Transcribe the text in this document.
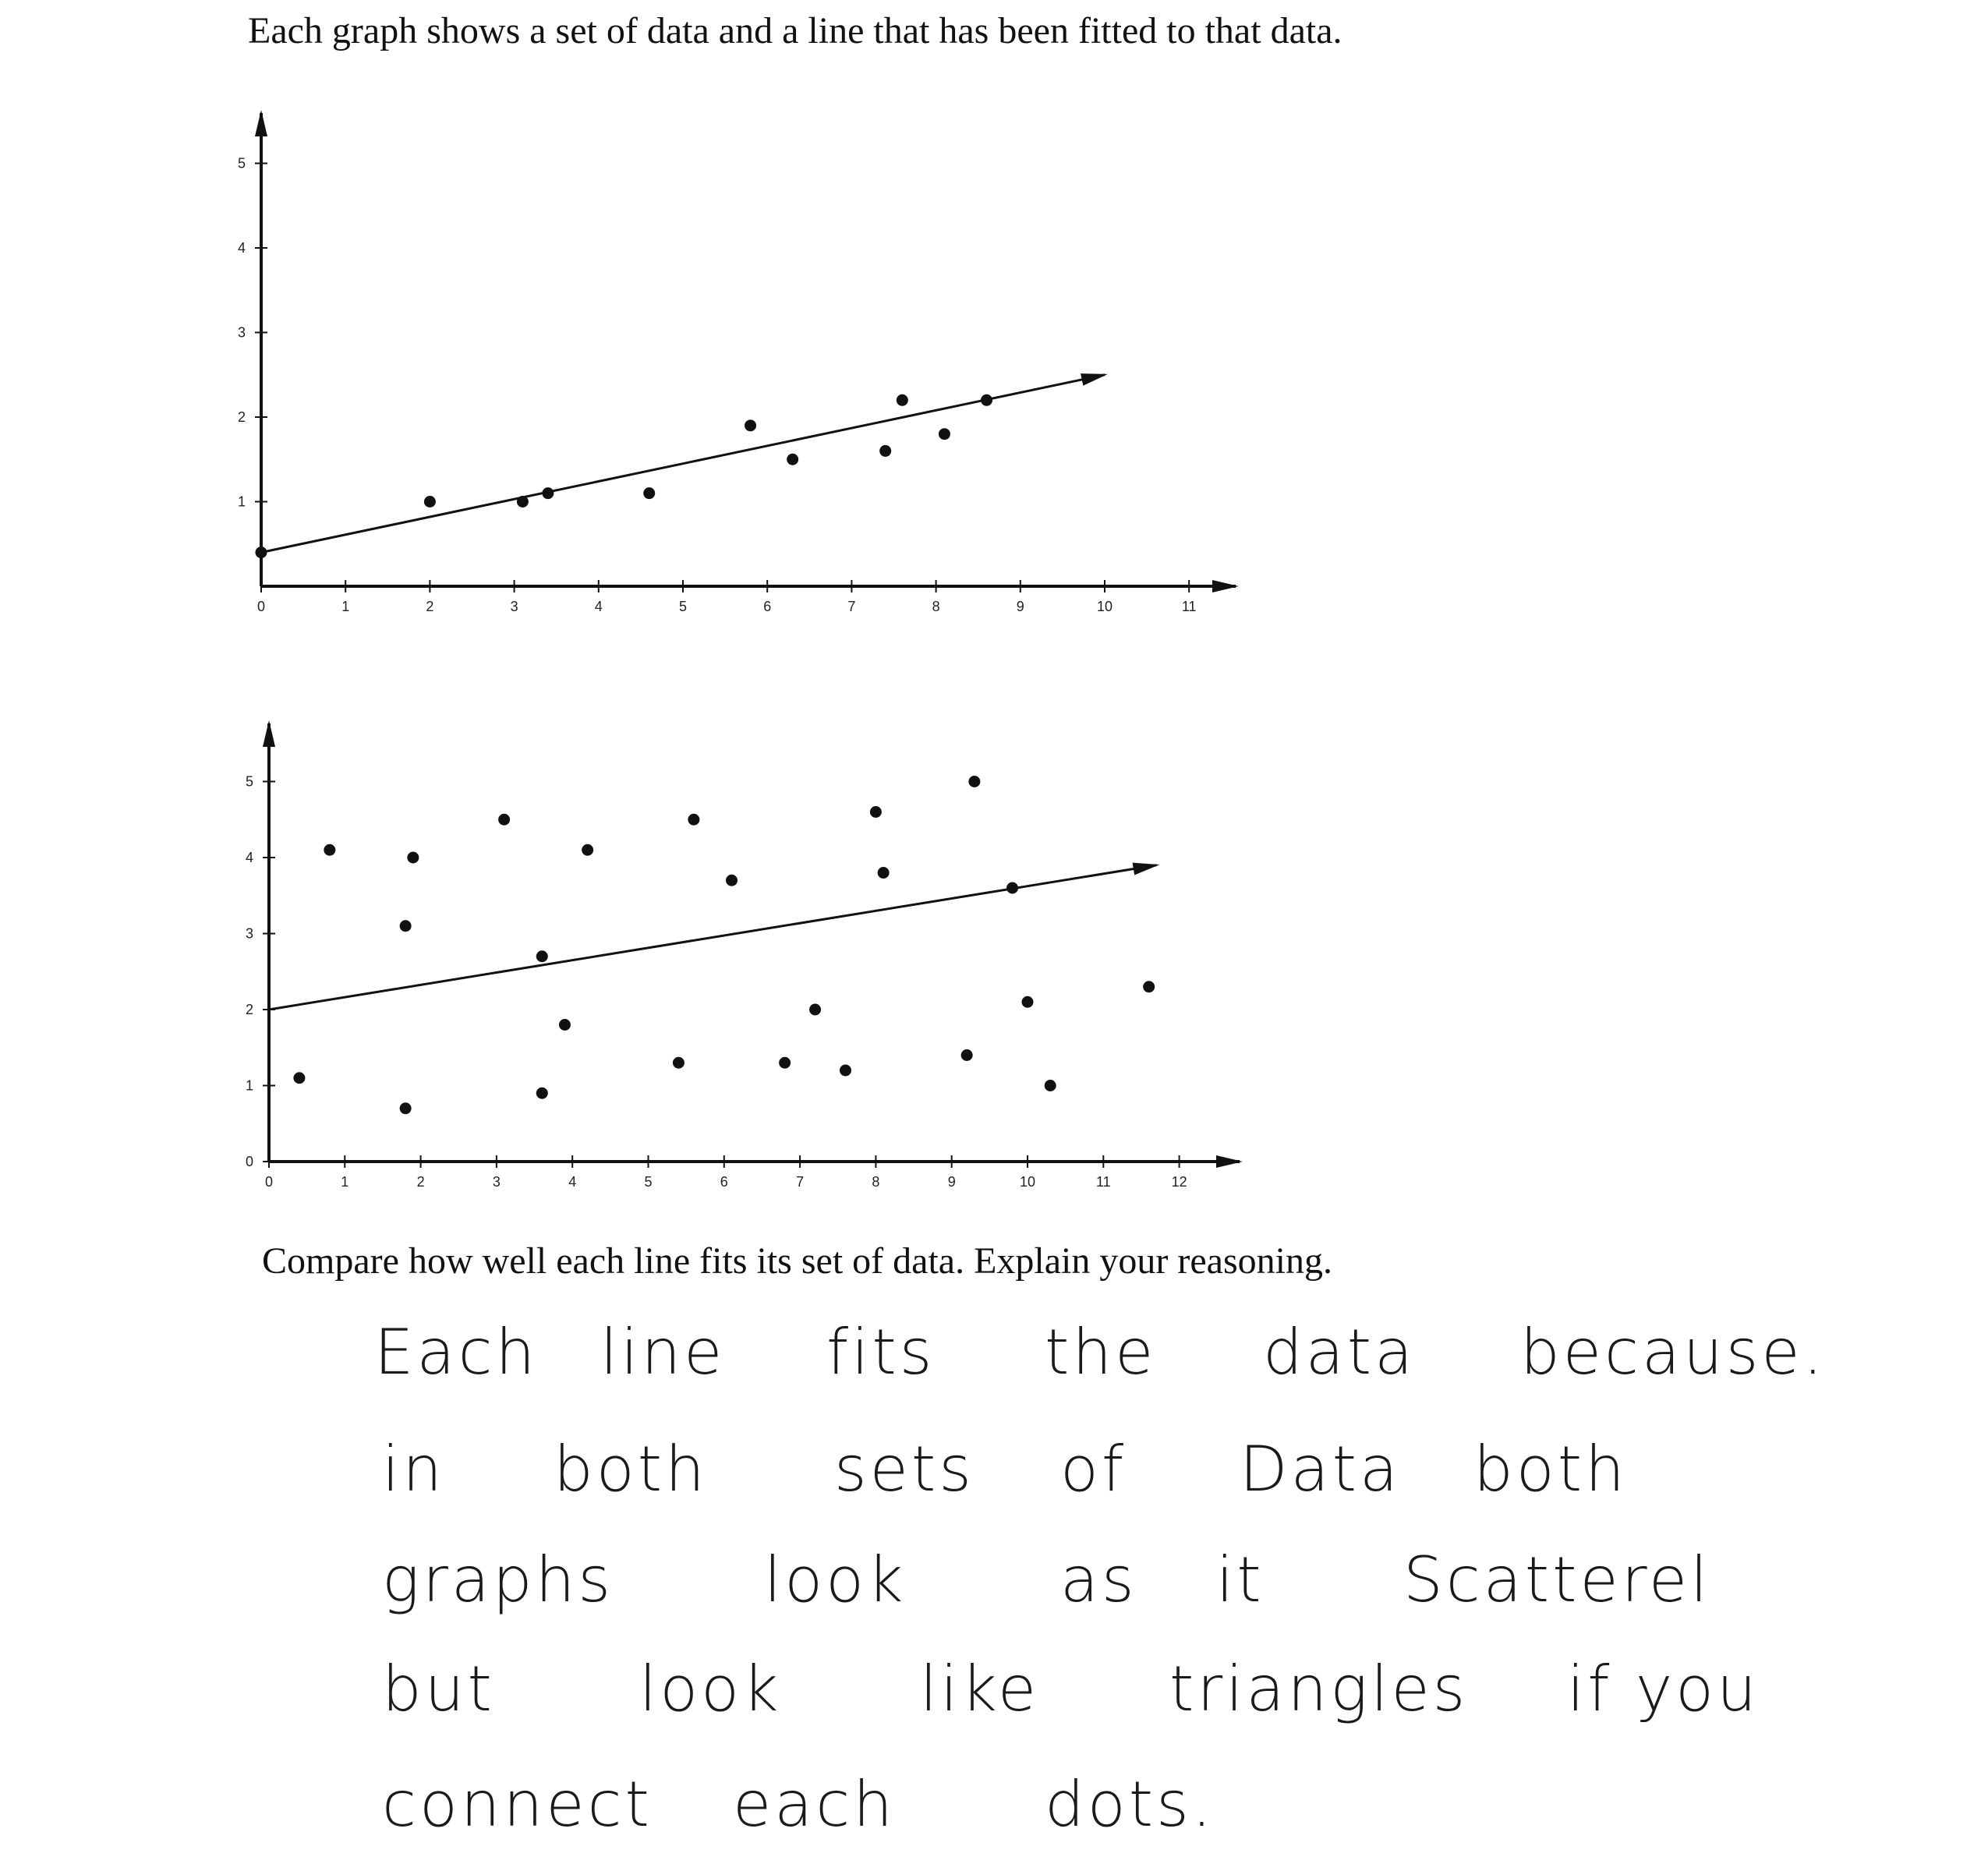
Each graph shows a set of data and a line that has been fitted to that data.
0	1	2	3	4	5	6	7	8	9	10	11
1
2
3
4
5
0	1	2	3	4	5	6	7	8	9	10	11	12
0
1
2
3
4
5
Compare how well each line fits its set of data. Explain your reasoning.
Each line fits the data because.
in both sets of Data both
graphs look as it Scatterel
but look like triangles if you
connect each dots.
